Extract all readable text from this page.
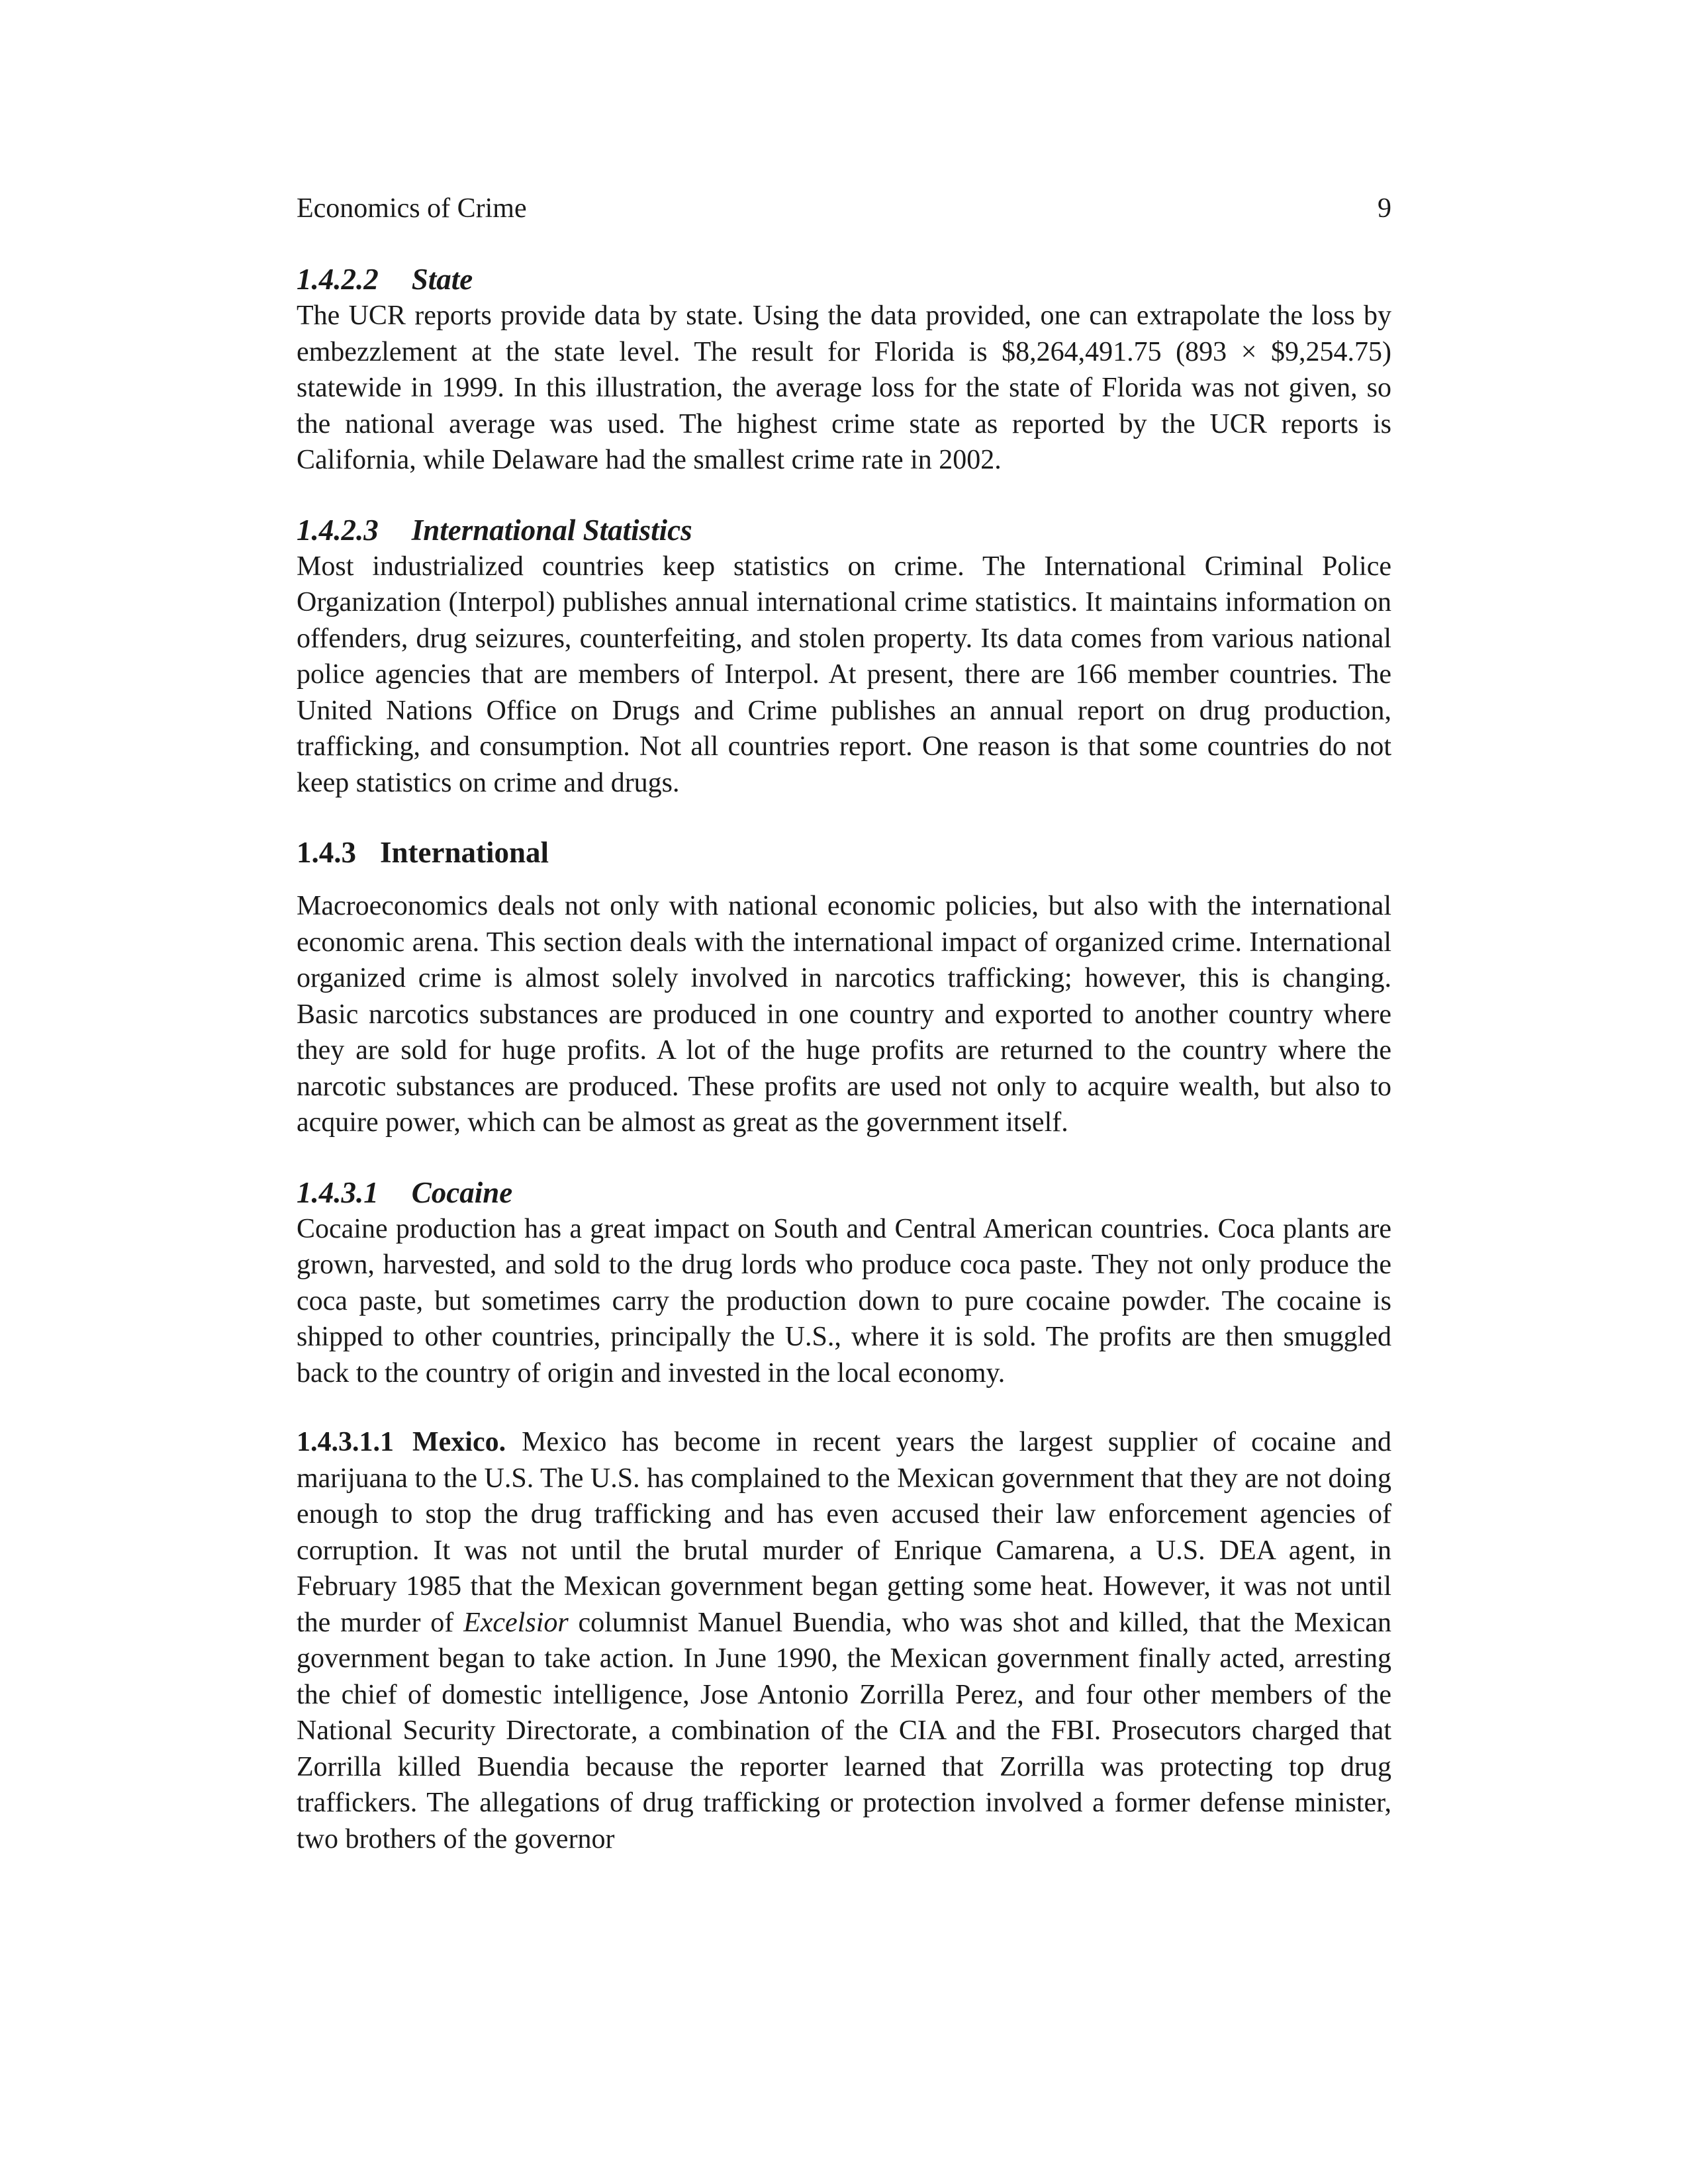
Economics of Crime	9
1.4.2.2 State

The UCR reports provide data by state. Using the data provided, one can extrapolate the loss by embezzlement at the state level. The result for Florida is $8,264,491.75 (893 × $9,254.75) statewide in 1999. In this illustration, the average loss for the state of Florida was not given, so the national average was used. The highest crime state as reported by the UCR reports is California, while Delaware had the smallest crime rate in 2002.

1.4.2.3 International Statistics

Most industrialized countries keep statistics on crime. The International Criminal Police Organization (Interpol) publishes annual international crime statistics. It maintains information on offenders, drug seizures, counterfeiting, and stolen property. Its data comes from various national police agencies that are members of Interpol. At present, there are 166 member countries. The United Nations Office on Drugs and Crime publishes an annual report on drug production, trafficking, and consumption. Not all countries report. One reason is that some countries do not keep statistics on crime and drugs.

1.4.3 International

Macroeconomics deals not only with national economic policies, but also with the international economic arena. This section deals with the international impact of organized crime. International organized crime is almost solely involved in narcotics trafficking; however, this is changing. Basic narcotics substances are produced in one country and exported to another country where they are sold for huge profits. A lot of the huge profits are returned to the country where the narcotic substances are produced. These profits are used not only to acquire wealth, but also to acquire power, which can be almost as great as the government itself.

1.4.3.1 Cocaine

Cocaine production has a great impact on South and Central American countries. Coca plants are grown, harvested, and sold to the drug lords who produce coca paste. They not only produce the coca paste, but sometimes carry the production down to pure cocaine powder. The cocaine is shipped to other countries, principally the U.S., where it is sold. The profits are then smuggled back to the country of origin and invested in the local economy.

1.4.3.1.1 Mexico. Mexico has become in recent years the largest supplier of cocaine and marijuana to the U.S. The U.S. has complained to the Mexican government that they are not doing enough to stop the drug trafficking and has even accused their law enforcement agencies of corruption. It was not until the brutal murder of Enrique Camarena, a U.S. DEA agent, in February 1985 that the Mexican government began getting some heat. However, it was not until the murder of Excelsior columnist Manuel Buendia, who was shot and killed, that the Mexican government began to take action. In June 1990, the Mexican government finally acted, arresting the chief of domestic intelligence, Jose Antonio Zorrilla Perez, and four other members of the National Security Directorate, a combination of the CIA and the FBI. Prosecutors charged that Zorrilla killed Buendia because the reporter learned that Zorrilla was protecting top drug traffickers. The allegations of drug trafficking or protection involved a former defense minister, two brothers of the governor
